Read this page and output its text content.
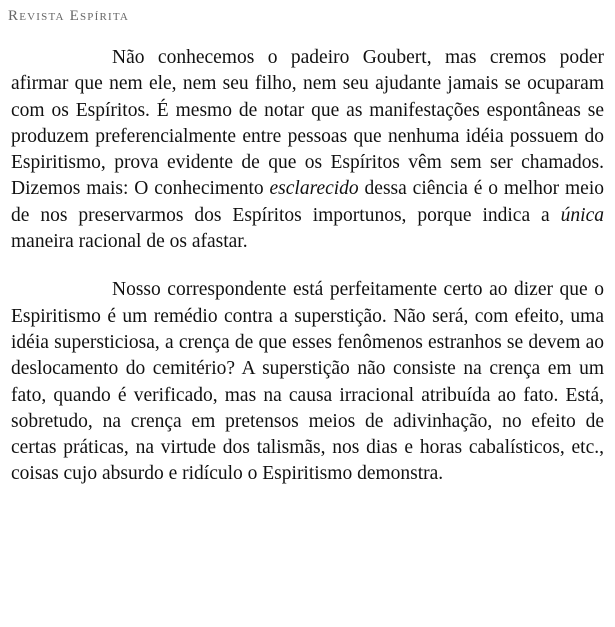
Revista Espírita

Não conhecemos o padeiro Goubert, mas cremos poder afirmar que nem ele, nem seu filho, nem seu ajudante jamais se ocuparam com os Espíritos. É mesmo de notar que as manifestações espontâneas se produzem preferencialmente entre pessoas que nenhuma idéia possuem do Espiritismo, prova evidente de que os Espíritos vêm sem ser chamados. Dizemos mais: O conhecimento esclarecido dessa ciência é o melhor meio de nos preservarmos dos Espíritos importunos, porque indica a única maneira racional de os afastar.

Nosso correspondente está perfeitamente certo ao dizer que o Espiritismo é um remédio contra a superstição. Não será, com efeito, uma idéia supersticiosa, a crença de que esses fenômenos estranhos se devem ao deslocamento do cemitério? A superstição não consiste na crença em um fato, quando é verificado, mas na causa irracional atribuída ao fato. Está, sobretudo, na crença em pretensos meios de adivinhação, no efeito de certas práticas, na virtude dos talismãs, nos dias e horas cabalísticos, etc., coisas cujo absurdo e ridículo o Espiritismo demonstra.
